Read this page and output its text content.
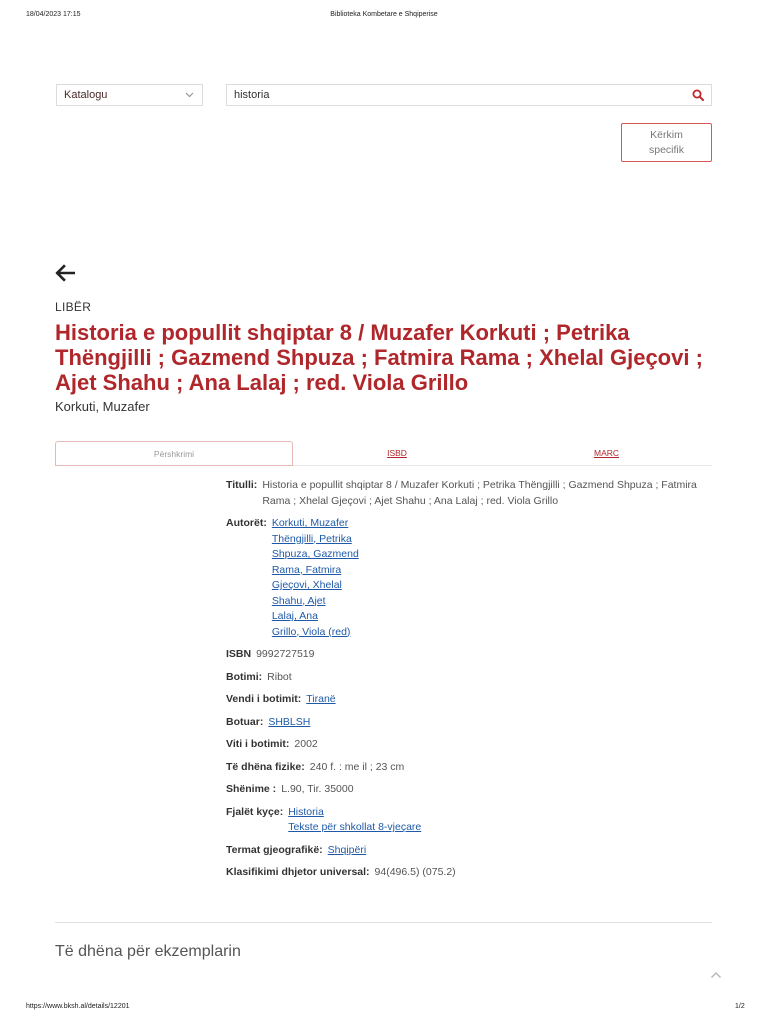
18/04/2023 17:15	Biblioteka Kombetare e Shqiperise
Katalogu	historia
Kërkim specifik
LIBËR
Historia e popullit shqiptar 8 / Muzafer Korkuti ; Petrika Thëngjilli ; Gazmend Shpuza ; Fatmira Rama ; Xhelal Gjeçovi ; Ajet Shahu ; Ana Lalaj ; red. Viola Grillo
Korkuti, Muzafer
Përshkrimi	ISBD	MARC
Titulli: Historia e popullit shqiptar 8 / Muzafer Korkuti ; Petrika Thëngjilli ; Gazmend Shpuza ; Fatmira Rama ; Xhelal Gjeçovi ; Ajet Shahu ; Ana Lalaj ; red. Viola Grillo
Autorët: Korkuti, Muzafer
Thëngjilli, Petrika
Shpuza, Gazmend
Rama, Fatmira
Gjeçovi, Xhelal
Shahu, Ajet
Lalaj, Ana
Grillo, Viola (red)
ISBN 9992727519
Botimi: Ribot
Vendi i botimit: Tiranë
Botuar: SHBLSH
Viti i botimit: 2002
Të dhëna fizike: 240 f. : me il ; 23 cm
Shënime : L.90, Tir. 35000
Fjalët kyçe: Historia
Tekste për shkollat 8-vjeçare
Termat gjeografikë: Shqipëri
Klasifikimi dhjetor universal: 94(496.5) (075.2)
Të dhëna për ekzemplarin
https://www.bksh.al/details/12201	1/2
